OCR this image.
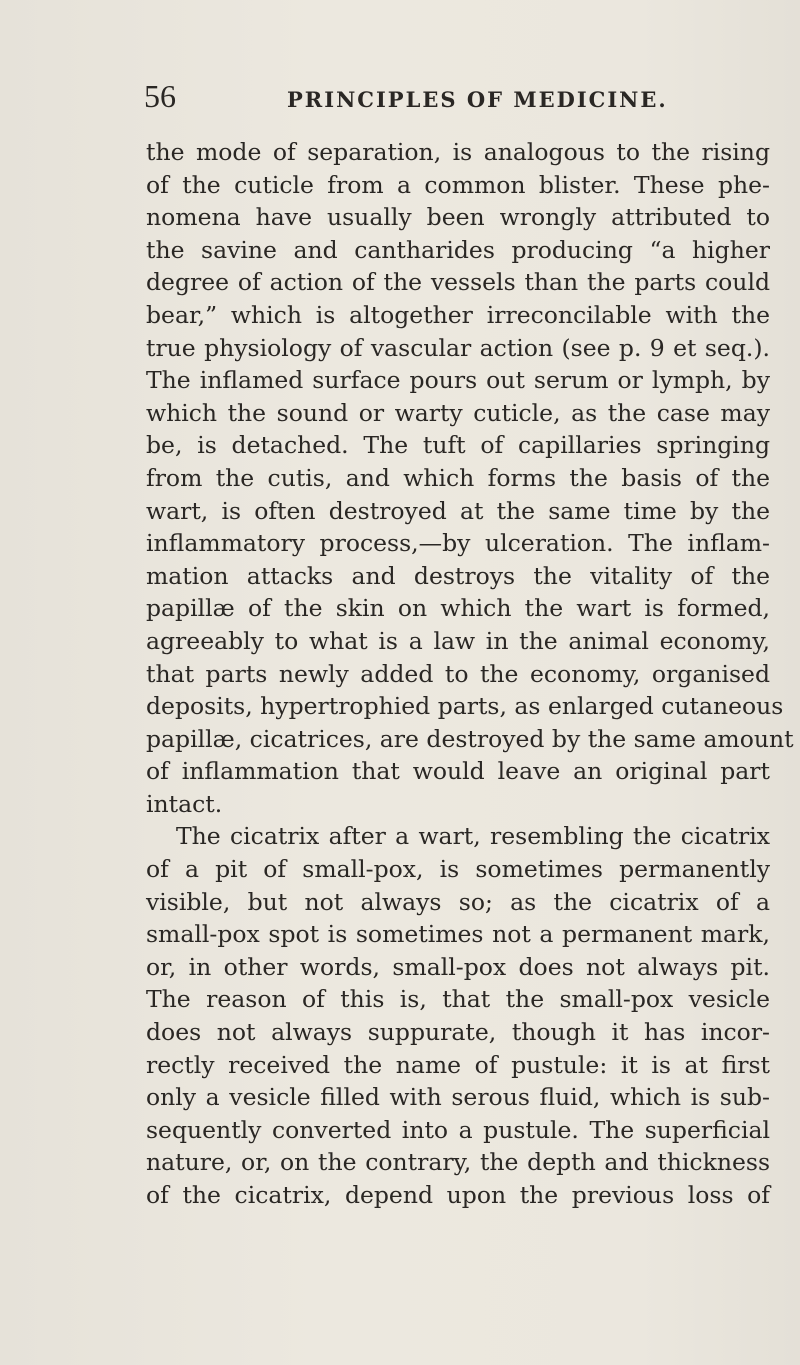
56	PRINCIPLES OF MEDICINE.
the mode of separation, is analogous to the rising
of the cuticle from a common blister. These phe-
nomena have usually been wrongly attributed to
the savine and cantharides producing “a higher
degree of action of the vessels than the parts could
bear,” which is altogether irreconcilable with the
true physiology of vascular action (see p. 9 et seq.).
The inflamed surface pours out serum or lymph, by
which the sound or warty cuticle, as the case may
be, is detached. The tuft of capillaries springing
from the cutis, and which forms the basis of the
wart, is often destroyed at the same time by the
inflammatory process,—by ulceration. The inflam-
mation attacks and destroys the vitality of the
papillæ of the skin on which the wart is formed,
agreeably to what is a law in the animal economy,
that parts newly added to the economy, organised
deposits, hypertrophied parts, as enlarged cutaneous
papillæ, cicatrices, are destroyed by the same amount
of inflammation that would leave an original part
intact.
The cicatrix after a wart, resembling the cicatrix
of a pit of small-pox, is sometimes permanently
visible, but not always so; as the cicatrix of a
small-pox spot is sometimes not a permanent mark,
or, in other words, small-pox does not always pit.
The reason of this is, that the small-pox vesicle
does not always suppurate, though it has incor-
rectly received the name of pustule: it is at first
only a vesicle filled with serous fluid, which is sub-
sequently converted into a pustule. The superficial
nature, or, on the contrary, the depth and thickness
of the cicatrix, depend upon the previous loss of
